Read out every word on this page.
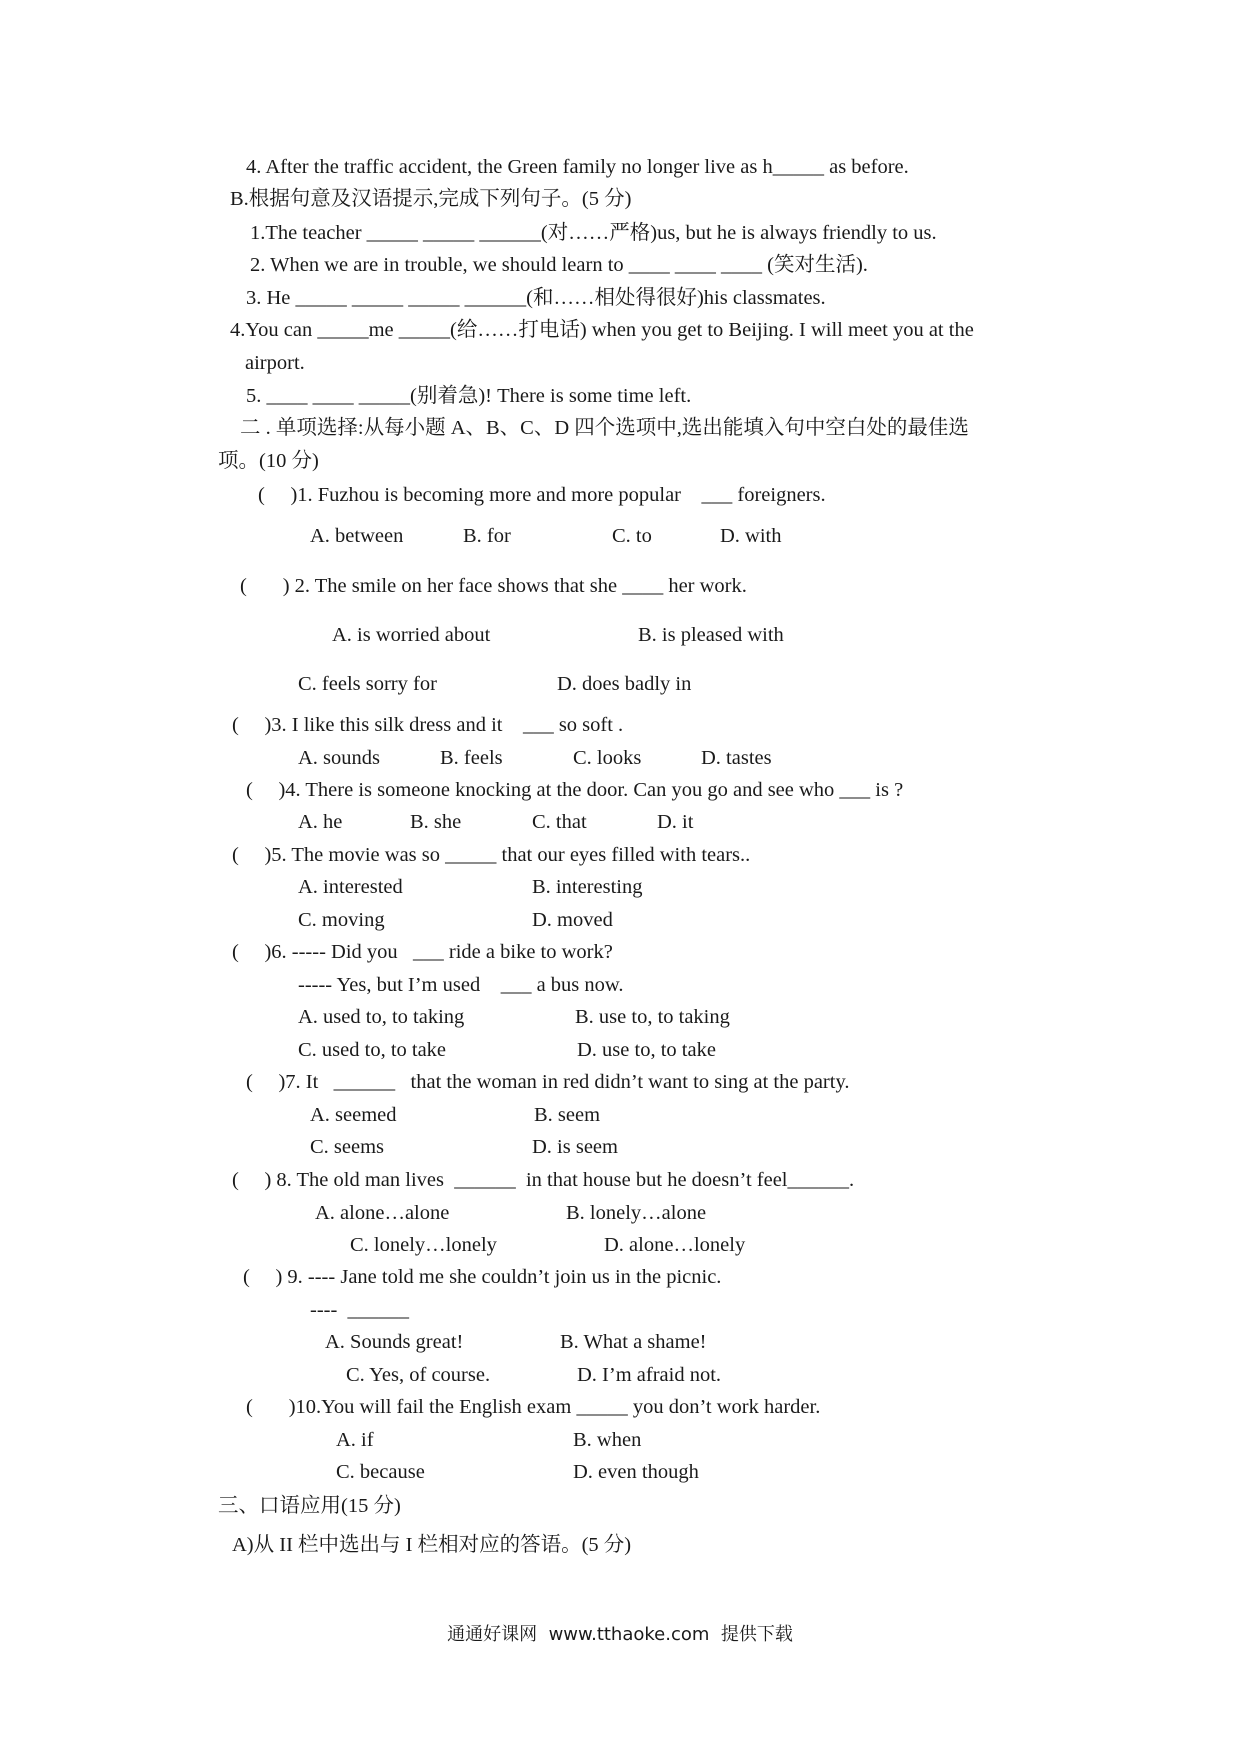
4. After the traffic accident, the Green family no longer live as h_____ as before.
B.根据句意及汉语提示,完成下列句子。(5 分)
1.The teacher _____ _____ ______(对……严格)us, but he is always friendly to us.
2. When we are in trouble, we should learn to ____ ____ ____ (笑对生活).
3. He _____ _____ _____ ______(和……相处得很好)his classmates.
4.You can _____me _____(给……打电话) when you get to Beijing. I will meet you at the
airport.
5. ____ ____ _____(别着急)! There is some time left.
二 . 单项选择:从每小题 A、B、C、D 四个选项中,选出能填入句中空白处的最佳选
项。(10 分)
(     )1. Fuzhou is becoming more and more popular    ___ foreigners.
A. between	B. for	C. to	D. with
(       ) 2. The smile on her face shows that she ____ her work.
A. is worried about	B. is pleased with
C. feels sorry for	D. does badly in
(     )3. I like this silk dress and it    ___ so soft .
A. sounds	B. feels	C. looks	D. tastes
(     )4. There is someone knocking at the door. Can you go and see who ___ is ?
A. he	B. she	C. that	D. it
(     )5. The movie was so _____ that our eyes filled with tears..
A. interested	B. interesting
C. moving	D. moved
(     )6. ----- Did you   ___ ride a bike to work?
----- Yes, but I’m used    ___ a bus now.
A. used to, to taking	B. use to, to taking
C. used to, to take	D. use to, to take
(     )7. It   ______   that the woman in red didn’t want to sing at the party.
A. seemed	B. seem
C. seems	D. is seem
(     ) 8. The old man lives  ______  in that house but he doesn’t feel______.
A. alone…alone	B. lonely…alone
C. lonely…lonely	D. alone…lonely
(     ) 9. ---- Jane told me she couldn’t join us in the picnic.
----  ______
A. Sounds great!	B. What a shame!
C. Yes, of course.	D. I’m afraid not.
(       )10.You will fail the English exam _____ you don’t work harder.
A. if	B. when
C. because	D. even though
三、口语应用(15 分)
A)从 II 栏中选出与 I 栏相对应的答语。(5 分)
通通好课网  www.tthaoke.com  提供下载
